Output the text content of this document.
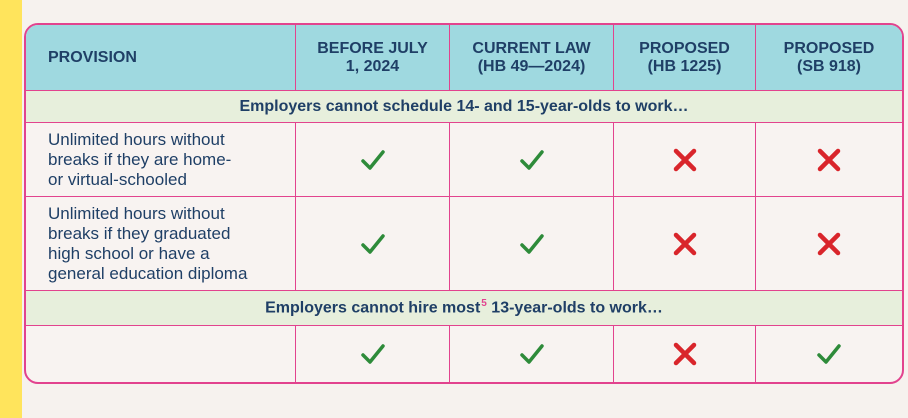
PROVISION
BEFORE JULY
1, 2024
CURRENT LAW
(HB 49—2024)
PROPOSED
(HB 1225)
PROPOSED
(SB 918)
Employers cannot schedule 14- and 15-year-olds to work…
Unlimited hours without
breaks if they are home-
or virtual-schooled
Unlimited hours without
breaks if they graduated
high school or have a
general education diploma
Employers cannot hire most$^5$ 13-year-olds to work…
